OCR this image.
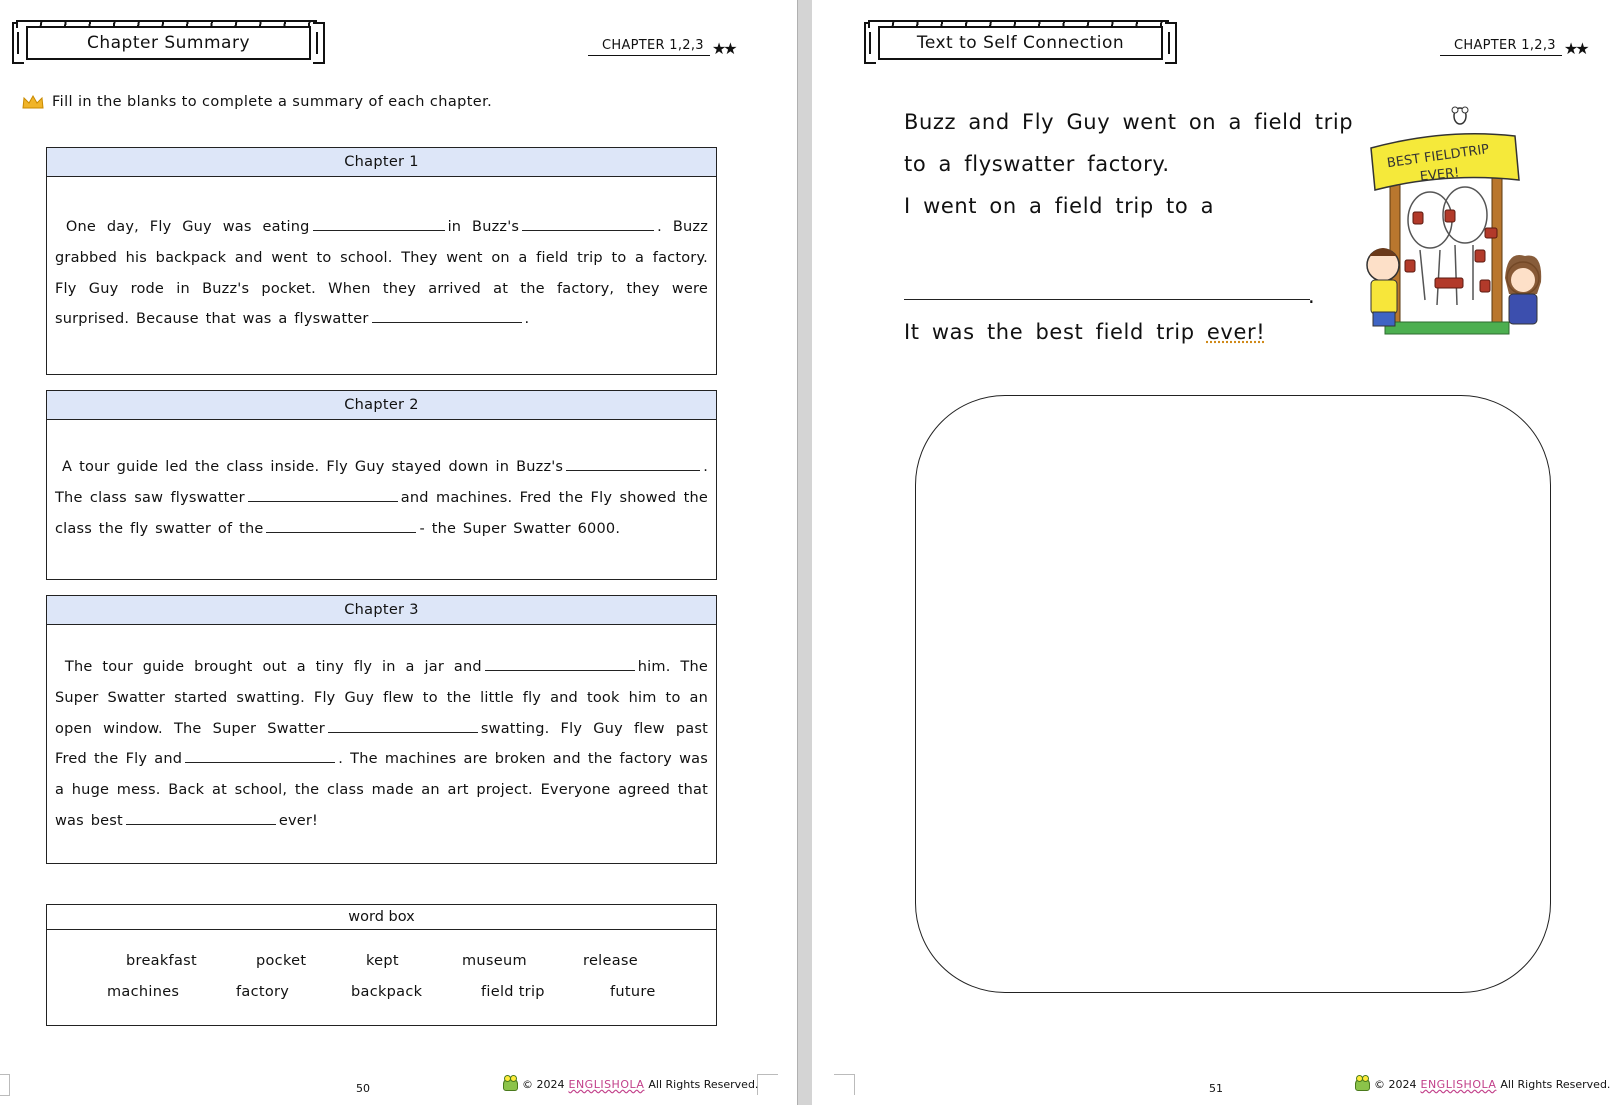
Chapter Summary	CHAPTER 1,2,3 ★★
Fill in the blanks to complete a summary of each chapter.
Chapter 1
One day, Fly Guy was eating	in Buzz's	. Buzz grabbed his backpack and went to school. They went on a field trip to a factory. Fly Guy rode in Buzz's pocket. When they arrived at the factory, they were surprised. Because that was a flyswatter	.
Chapter 2
A tour guide led the class inside. Fly Guy stayed down in Buzz's	. The class saw flyswatter	and machines. Fred the Fly showed the class the fly swatter of the	- the Super Swatter 6000.
Chapter 3
The tour guide brought out a tiny fly in a jar and	him. The Super Swatter started swatting. Fly Guy flew to the little fly and took him to an open window. The Super Swatter	swatting. Fly Guy flew past Fred the Fly and	. The machines are broken and the factory was a huge mess. Back at school, the class made an art project. Everyone agreed that was best	ever!
word box
breakfast	pocket	kept	museum	release
machines	factory	backpack	field trip	future
50	© 2024 ENGLISHOLA All Rights Reserved.
Text to Self Connection	CHAPTER 1,2,3 ★★
51	© 2024 ENGLISHOLA All Rights Reserved.
Buzz and Fly Guy went on a field trip
to a flyswatter factory.
I went on a field trip to a
.
It was the best field trip ever!
BEST FIELDTRIP
EVER!
